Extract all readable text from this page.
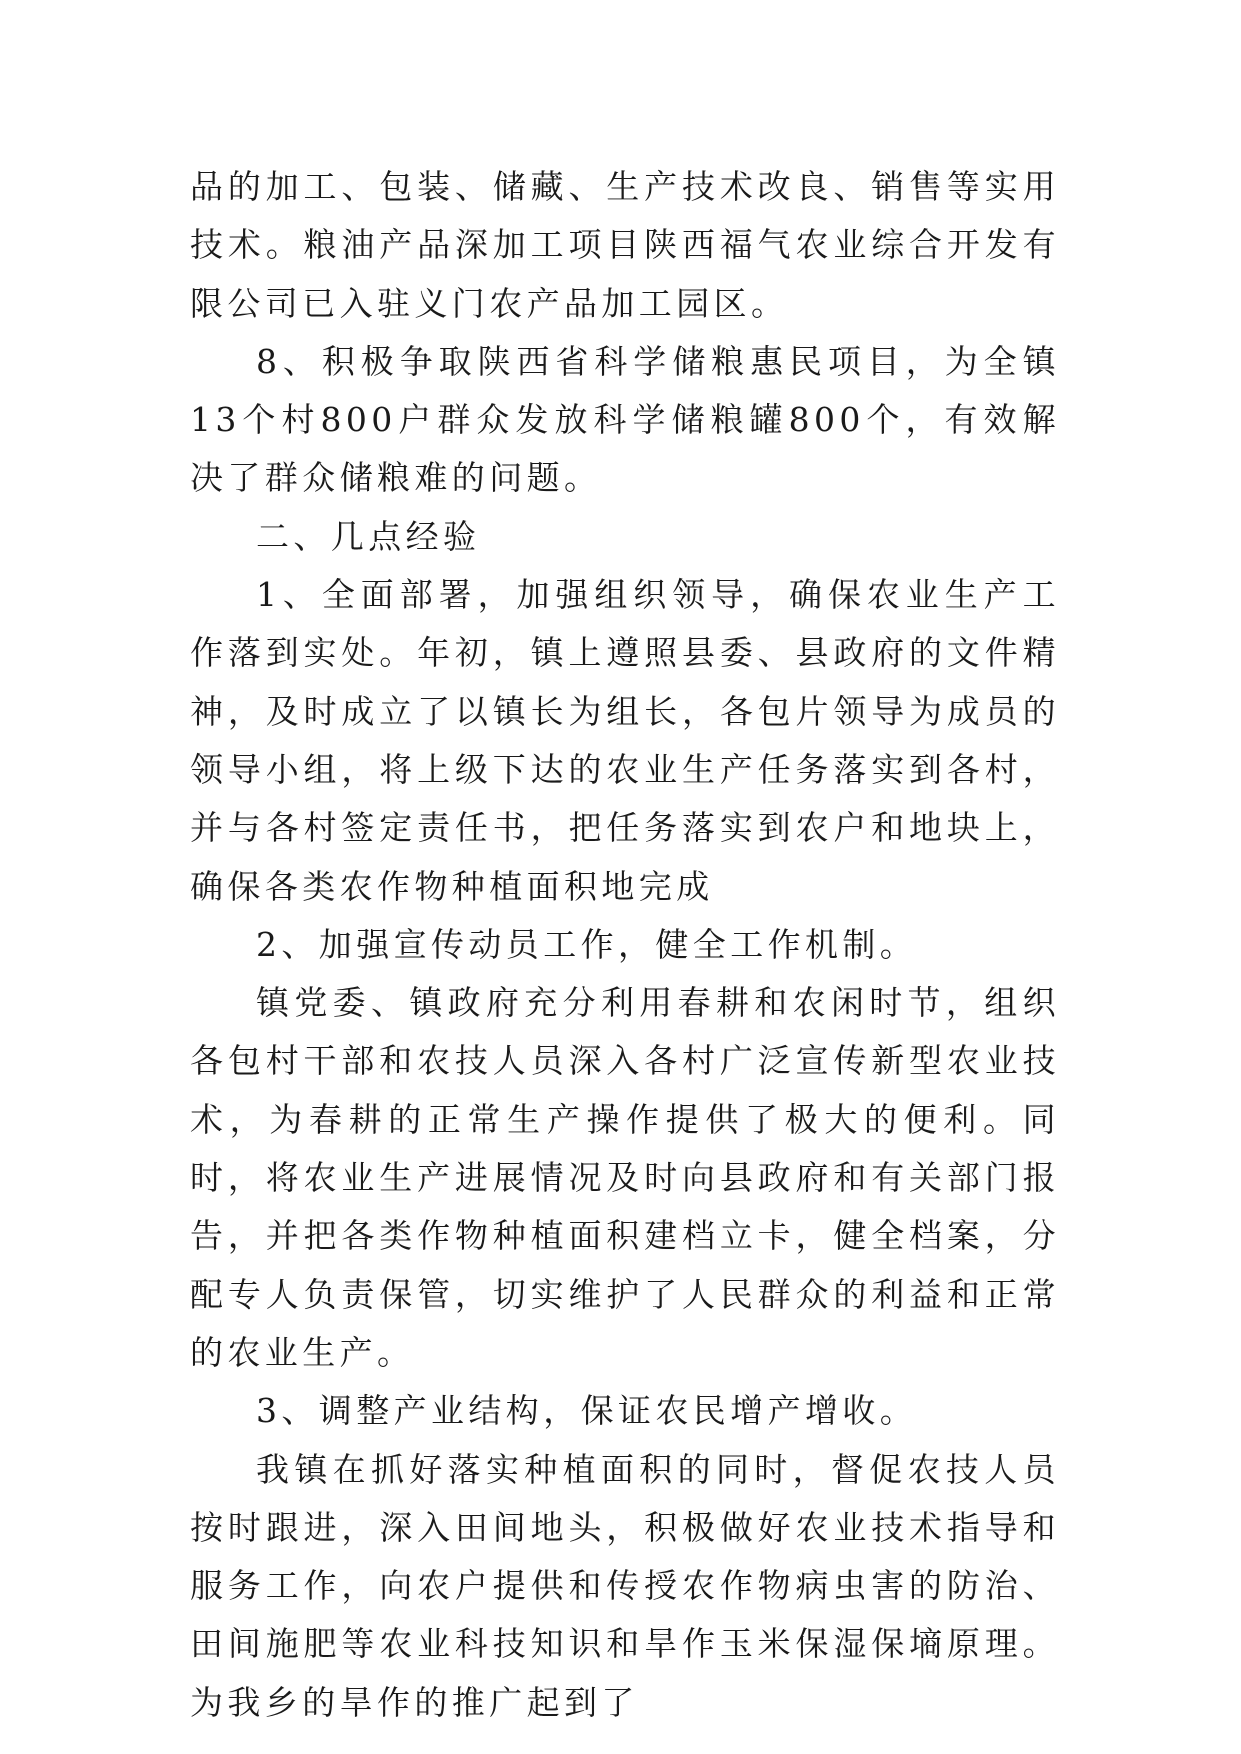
品的加工、包装、储藏、生产技术改良、销售等实用技术。粮油产品深加工项目陕西福气农业综合开发有限公司已入驻义门农产品加工园区。

8、积极争取陕西省科学储粮惠民项目，为全镇13个村800户群众发放科学储粮罐800个，有效解决了群众储粮难的问题。

二、几点经验

1、全面部署，加强组织领导，确保农业生产工作落到实处。年初，镇上遵照县委、县政府的文件精神，及时成立了以镇长为组长，各包片领导为成员的领导小组，将上级下达的农业生产任务落实到各村，并与各村签定责任书，把任务落实到农户和地块上，确保各类农作物种植面积地完成

2、加强宣传动员工作，健全工作机制。

镇党委、镇政府充分利用春耕和农闲时节，组织各包村干部和农技人员深入各村广泛宣传新型农业技术，为春耕的正常生产操作提供了极大的便利。同时，将农业生产进展情况及时向县政府和有关部门报告，并把各类作物种植面积建档立卡，健全档案，分配专人负责保管，切实维护了人民群众的利益和正常的农业生产。

3、调整产业结构，保证农民增产增收。

我镇在抓好落实种植面积的同时，督促农技人员按时跟进，深入田间地头，积极做好农业技术指导和服务工作，向农户提供和传授农作物病虫害的防治、田间施肥等农业科技知识和旱作玉米保湿保墒原理。为我乡的旱作的推广起到了
